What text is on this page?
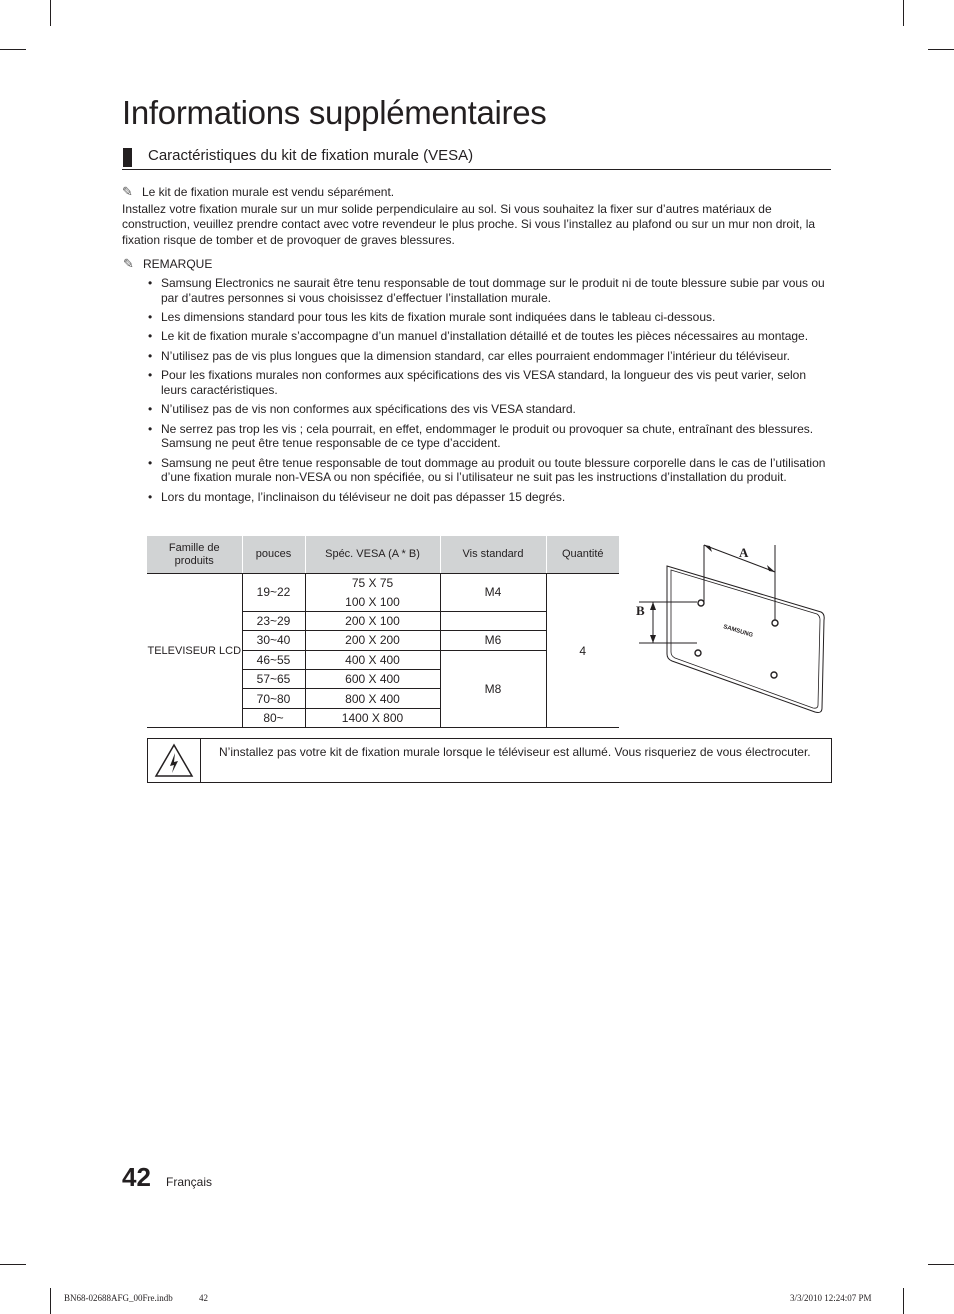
Informations supplémentaires
Caractéristiques du kit de fixation murale (VESA)
✎ Le kit de fixation murale est vendu séparément.
Installez votre fixation murale sur un mur solide perpendiculaire au sol. Si vous souhaitez la fixer sur d’autres matériaux de construction, veuillez prendre contact avec votre revendeur le plus proche. Si vous l’installez au plafond ou sur un mur non droit, la fixation risque de tomber et de provoquer de graves blessures.
✎ REMARQUE
• Samsung Electronics ne saurait être tenu responsable de tout dommage sur le produit ni de toute blessure subie par vous ou par d’autres personnes si vous choisissez d’effectuer l’installation murale.
• Les dimensions standard pour tous les kits de fixation murale sont indiquées dans le tableau ci-dessous.
• Le kit de fixation murale s’accompagne d’un manuel d’installation détaillé et de toutes les pièces nécessaires au montage.
• N’utilisez pas de vis plus longues que la dimension standard, car elles pourraient endommager l’intérieur du téléviseur.
• Pour les fixations murales non conformes aux spécifications des vis VESA standard, la longueur des vis peut varier, selon leurs caractéristiques.
• N’utilisez pas de vis non conformes aux spécifications des vis VESA standard.
• Ne serrez pas trop les vis ; cela pourrait, en effet, endommager le produit ou provoquer sa chute, entraînant des blessures. Samsung ne peut être tenue responsable de ce type d’accident.
• Samsung ne peut être tenue responsable de tout dommage au produit ou toute blessure corporelle dans le cas de l’utilisation d’une fixation murale non-VESA ou non spécifiée, ou si l’utilisateur ne suit pas les instructions d’installation du produit.
• Lors du montage, l’inclinaison du téléviseur ne doit pas dépasser 15 degrés.
Famille de produits	pouces	Spéc. VESA (A * B)	Vis standard	Quantité
TELEVISEUR LCD	19~22	75 X 75	M4	4
		100 X 100		
	23~29	200 X 100		
	30~40	200 X 200	M6	
	46~55	400 X 400	M8	
	57~65	600 X 400		
	70~80	800 X 400		
	80~	1400 X 800		
A
B
SAMSUNG
N’installez pas votre kit de fixation murale lorsque le téléviseur est allumé. Vous risqueriez de vous électrocuter.
42 Français
BN68-02688AFG_00Fre.indb	42	3/3/2010 12:24:07 PM
